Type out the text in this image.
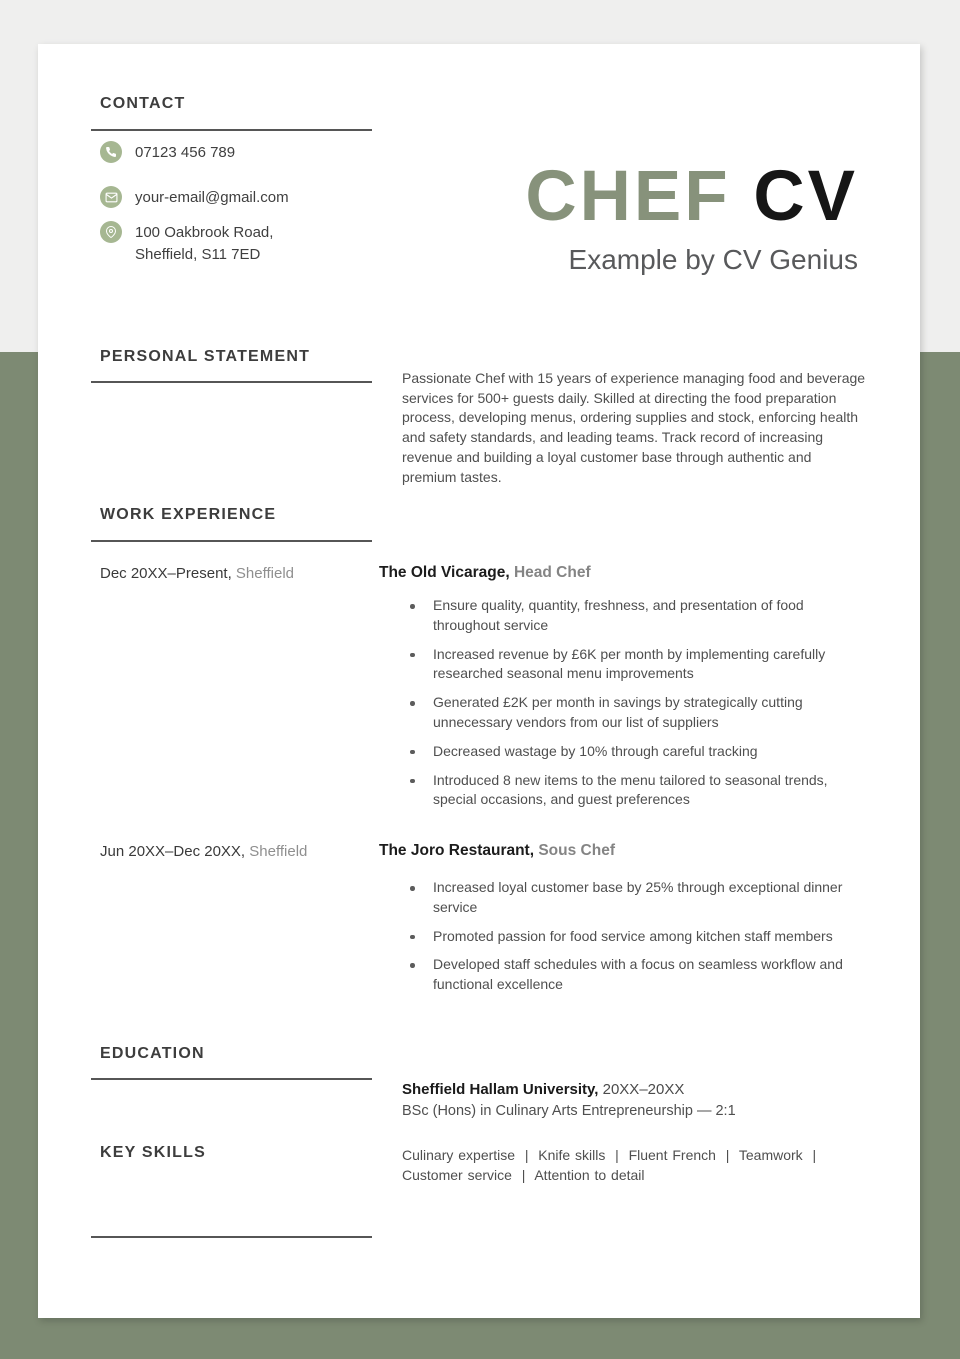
CONTACT
07123 456 789
your-email@gmail.com
100 Oakbrook Road,
Sheffield, S11 7ED
CHEF CV
Example by CV Genius
PERSONAL STATEMENT
Passionate Chef with 15 years of experience managing food and beverage services for 500+ guests daily. Skilled at directing the food preparation process, developing menus, ordering supplies and stock, enforcing health and safety standards, and leading teams. Track record of increasing revenue and building a loyal customer base through authentic and premium tastes.
WORK EXPERIENCE
Dec 20XX–Present, Sheffield	The Old Vicarage, Head Chef
Ensure quality, quantity, freshness, and presentation of food throughout service
Increased revenue by £6K per month by implementing carefully researched seasonal menu improvements
Generated £2K per month in savings by strategically cutting unnecessary vendors from our list of suppliers
Decreased wastage by 10% through careful tracking
Introduced 8 new items to the menu tailored to seasonal trends, special occasions, and guest preferences
Jun 20XX–Dec 20XX, Sheffield	The Joro Restaurant, Sous Chef
Increased loyal customer base by 25% through exceptional dinner service
Promoted passion for food service among kitchen staff members
Developed staff schedules with a focus on seamless workflow and functional excellence
EDUCATION
Sheffield Hallam University, 20XX–20XX
BSc (Hons) in Culinary Arts Entrepreneurship — 2:1
KEY SKILLS	Culinary expertise  |  Knife skills  |  Fluent French  |  Teamwork  |  Customer service  |  Attention to detail
